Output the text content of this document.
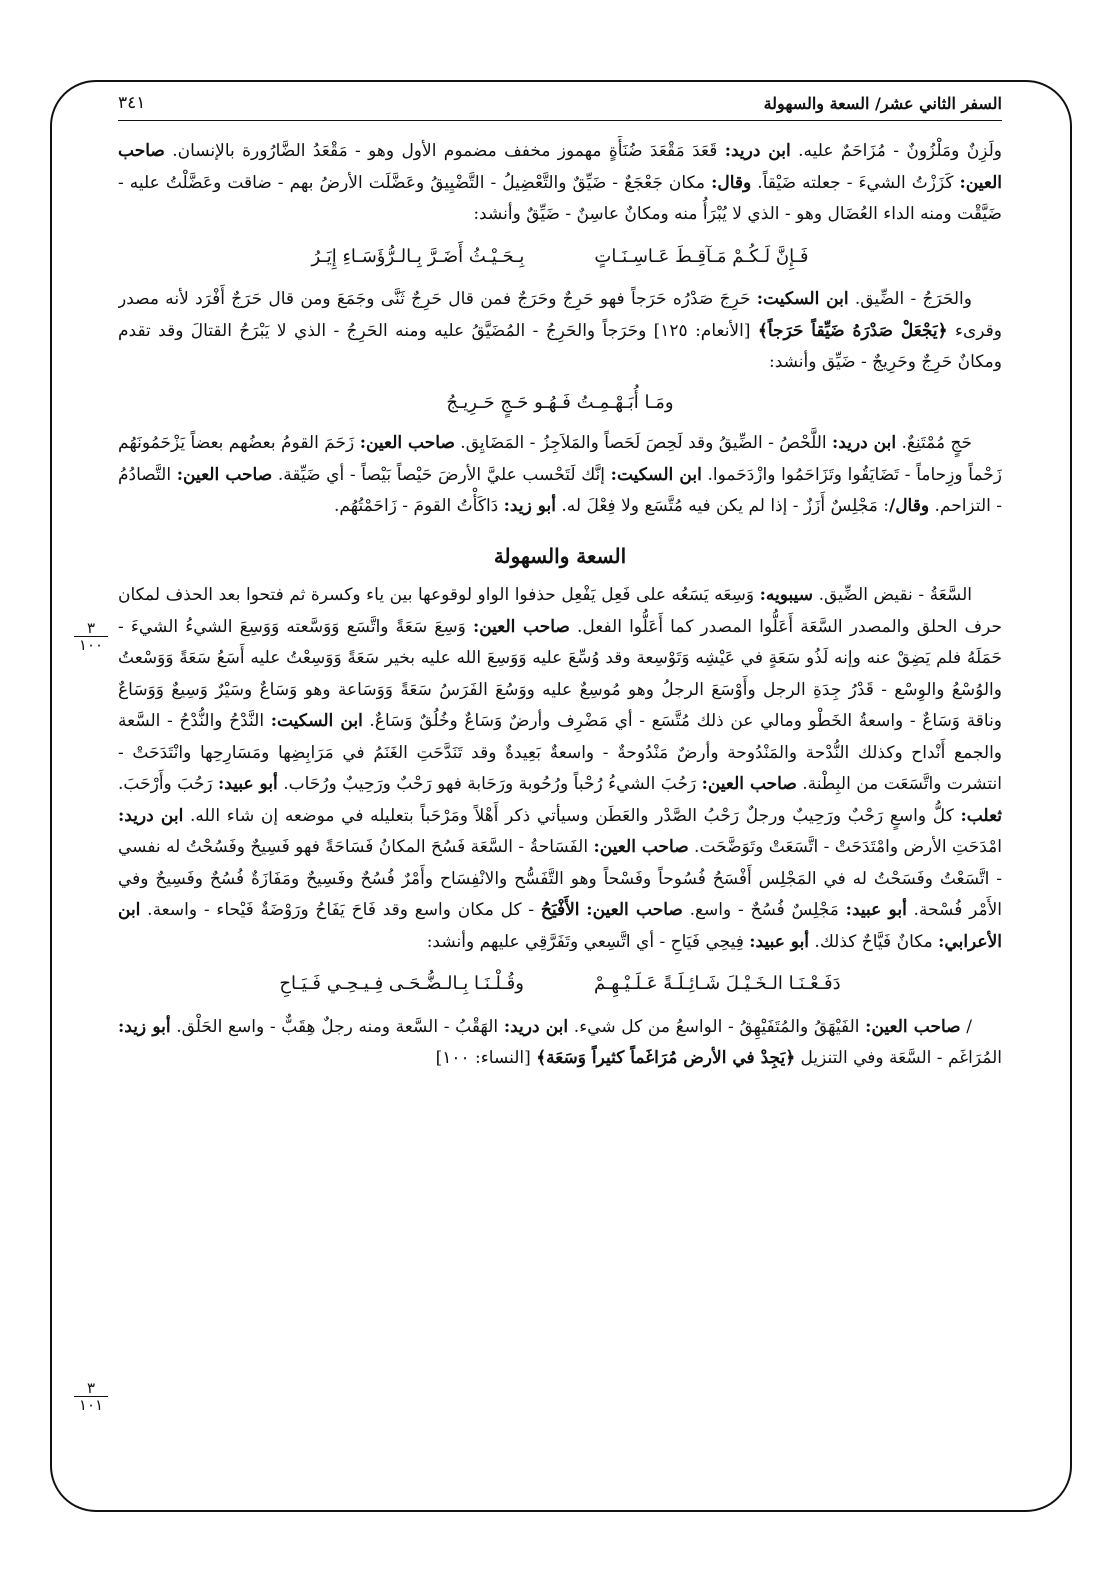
السفر الثاني عشر/ السعة والسهولة
٣٤١

ولَزِنٌ ومَلْزُونٌ - مُزَاحَمٌ عليه. ابن دريد: قَعَدَ مَقْعَدَ ضُنَأَةٍ مهموز مخفف مضموم الأول وهو - مَقْعَدُ الضَّارُورة بالإنسان. صاحب العين: كَزَزْتُ الشيءَ - جعلته ضَيْقاً. وقال: مكان جَعْجَعٌ - ضَيِّقٌ والتَّعْضِيلُ - التَّضْيِيقُ وعَضَّلَت الأرضُ بهم - ضاقت وعَضَّلْتُ عليه - ضَيَّقْت ومنه الداء العُضَال وهو - الذي لا يُبْرَأُ منه ومكانٌ عاسِنٌ - ضَيِّقٌ وأنشد:

فَـإِنَّ لَـكُـمْ مَـآقِـطَ عَـاسِـنَـاتٍ
بِـحَـيْـثُ أَضَـرَّ بِـالـرُّؤَسَـاءِ إِيَـرُ

والحَرَجُ - الضِّيق. ابن السكيت: حَرِجَ صَدْرُه حَرَجاً فهو حَرِجٌ وحَرَجٌ فمن قال حَرِجٌ ثَنَّى وجَمَعَ ومن قال حَرَجٌ أَفْرَد لأنه مصدر وقرىء ﴿يَجْعَلْ صَدْرَهُ ضَيِّقاً حَرَجاً﴾ [الأنعام: ١٢٥] وحَرَجاً والحَرِجُ - المُضَيَّقُ عليه ومنه الحَرِجُ - الذي لا يَبْرَحُ القتالَ وقد تقدم ومكانٌ حَرِجٌ وحَرِيجٌ - ضَيِّق وأنشد:

ومَـا أُبَـهْـمِـتُ فَـهُـو حَـجٍ حَـرِيـجُ

حَجٍ مُمْتَنِعٌ. ابن دريد: اللَّحْصُ - الضِّيقُ وقد لَحِصَ لَحَصاً والمَلاَجِزُ - المَضَايِق. صاحب العين: زَحَمَ القومُ بعضُهم بعضاً يَزْحَمُونَهُم زَحْماً وزِحاماً - تَضَايَقُوا وتَزَاحَمُوا وازْدَحَموا. ابن السكيت: إنَّك لَتَحْسب عليَّ الأرضَ حَيْصاً بَيْصاً - أي ضَيِّقة. صاحب العين: التَّصادُمُ - التزاحم. وقال/: مَجْلِسٌ أَزَزٌ - إذا لم يكن فيه مُتَّسَع ولا فِعْلَ له. أبو زيد: دَاكَأْتُ القومَ - زَاحَمْتُهُم.

السعة والسهولة

السَّعَةُ - نقيض الضِّيق. سيبويه: وَسِعَه يَسَعُه على فَعِل يَفْعِل حذفوا الواو لوقوعها بين ياء وكسرة ثم فتحوا بعد الحذف لمكان حرف الحلق والمصدر السَّعَة أَعَلُّوا المصدر كما أَعَلُّوا الفعل. صاحب العين: وَسِعَ سَعَةً واتَّسَع وَوَسَّعته وَوَسِعَ الشيءُ الشيءَ - حَمَلَهُ فلم يَضِقْ عنه وإنه لَذُو سَعَةٍ في عَيْشِه وَتَوْسِعة وقد وُسِّعَ عليه وَوَسِعَ الله عليه بخير سَعَةً وَوَسِعْتُ عليه أَسَعُ سَعَةً وَوَسْعتُ والوُسْعُ والوِسْع - قَدْرُ جِدَةِ الرجل وأَوْسَعَ الرجلُ وهو مُوسِعٌ عليه ووَسُعَ الفَرَسُ سَعَةً وَوَسَاعة وهو وَسَاعٌ وسَيْرٌ وَسِيعٌ وَوَسَاعٌ وناقة وَسَاعٌ - واسعةُ الخَطْو ومالي عن ذلك مُتَّسَع - أي مَضْرِف وأرضٌ وَسَاعٌ وخُلُقٌ وَسَاعٌ. ابن السكيت: النَّدْحُ والنُّدْحُ - السَّعة والجمع أَنْداح وكذلك النُّدْحة والمَنْدُوحة وأرضٌ مَنْدُوحةٌ - واسعةٌ بَعِيدةٌ وقد تَنَدَّحَتِ الغَنَمُ في مَرَابِضِها ومَسَارِحِها وانْتَدَحَتْ - انتشرت واتَّسَعَت من البِطْنة. صاحب العين: رَحُبَ الشيءُ رُحْباً ورُحُوبة ورَحَابة فهو رَحْبٌ ورَحِيبٌ ورُحَاب. أبو عبيد: رَحُبَ وأَرْحَبَ. ثعلب: كلُّ واسعٍ رَحْبٌ ورَحِيبٌ ورجلٌ رَحْبُ الصَّدْر والعَطَن وسيأتي ذكر أَهْلاً ومَرْحَباً بتعليله في موضعه إن شاء الله. ابن دريد: امْدَحَتِ الأرض وامْتَدَحَتْ - اتَّسَعَتْ وتَوَضَّحَت. صاحب العين: الفَسَاحةُ - السَّعَة فَسُحَ المكانُ فَسَاحَةً فهو فَسِيحٌ وفَسُحْتُ له نفسي - اتَّسَعْتُ وفَسَحْتُ له في المَجْلِس أَفْسَحُ فُسُوحاً وفَسْحاً وهو التَّفَسُّح والانْفِسَاح وأَمْرٌ فُسُحٌ وفَسِيحٌ ومَفَازَةٌ فُسُحٌ وفَسِيحٌ وفي الأَمْر فُسْحة. أبو عبيد: مَجْلِسٌ فُسُحٌ - واسع. صاحب العين: الأَفْيَحُ - كل مكان واسع وقد فَاحَ يَفَاحُ ورَوْضَةٌ فَيْحاء - واسعة. ابن الأعرابي: مكانٌ فَيَّاحٌ كذلك. أبو عبيد: فِيحِي فَيَاحِ - أي اتَّسِعي وتَفَرَّقِي عليهم وأنشد:

دَفَـعْـنَـا الـخَـيْـلَ شَـائِـلَـةً عَـلَـيْـهِـمْ
وقُـلْـنَـا بِـالـضُّـحَـى فِـيـحِـي فَـيَـاحِ

/ صاحب العين: الفَيْهَقُ والمُتَفَيْهِقُ - الواسعُ من كل شيء. ابن دريد: الهَقْبُ - السَّعة ومنه رجلٌ هِقَبٌّ - واسع الحَلْق. أبو زيد: المُرَاغَم - السَّعَة وفي التنزيل ﴿يَجِدْ في الأرض مُرَاغَماً كثيراً وَسَعَة﴾ [النساء: ١٠٠]

٣
١٠٠
٣
١٠١
